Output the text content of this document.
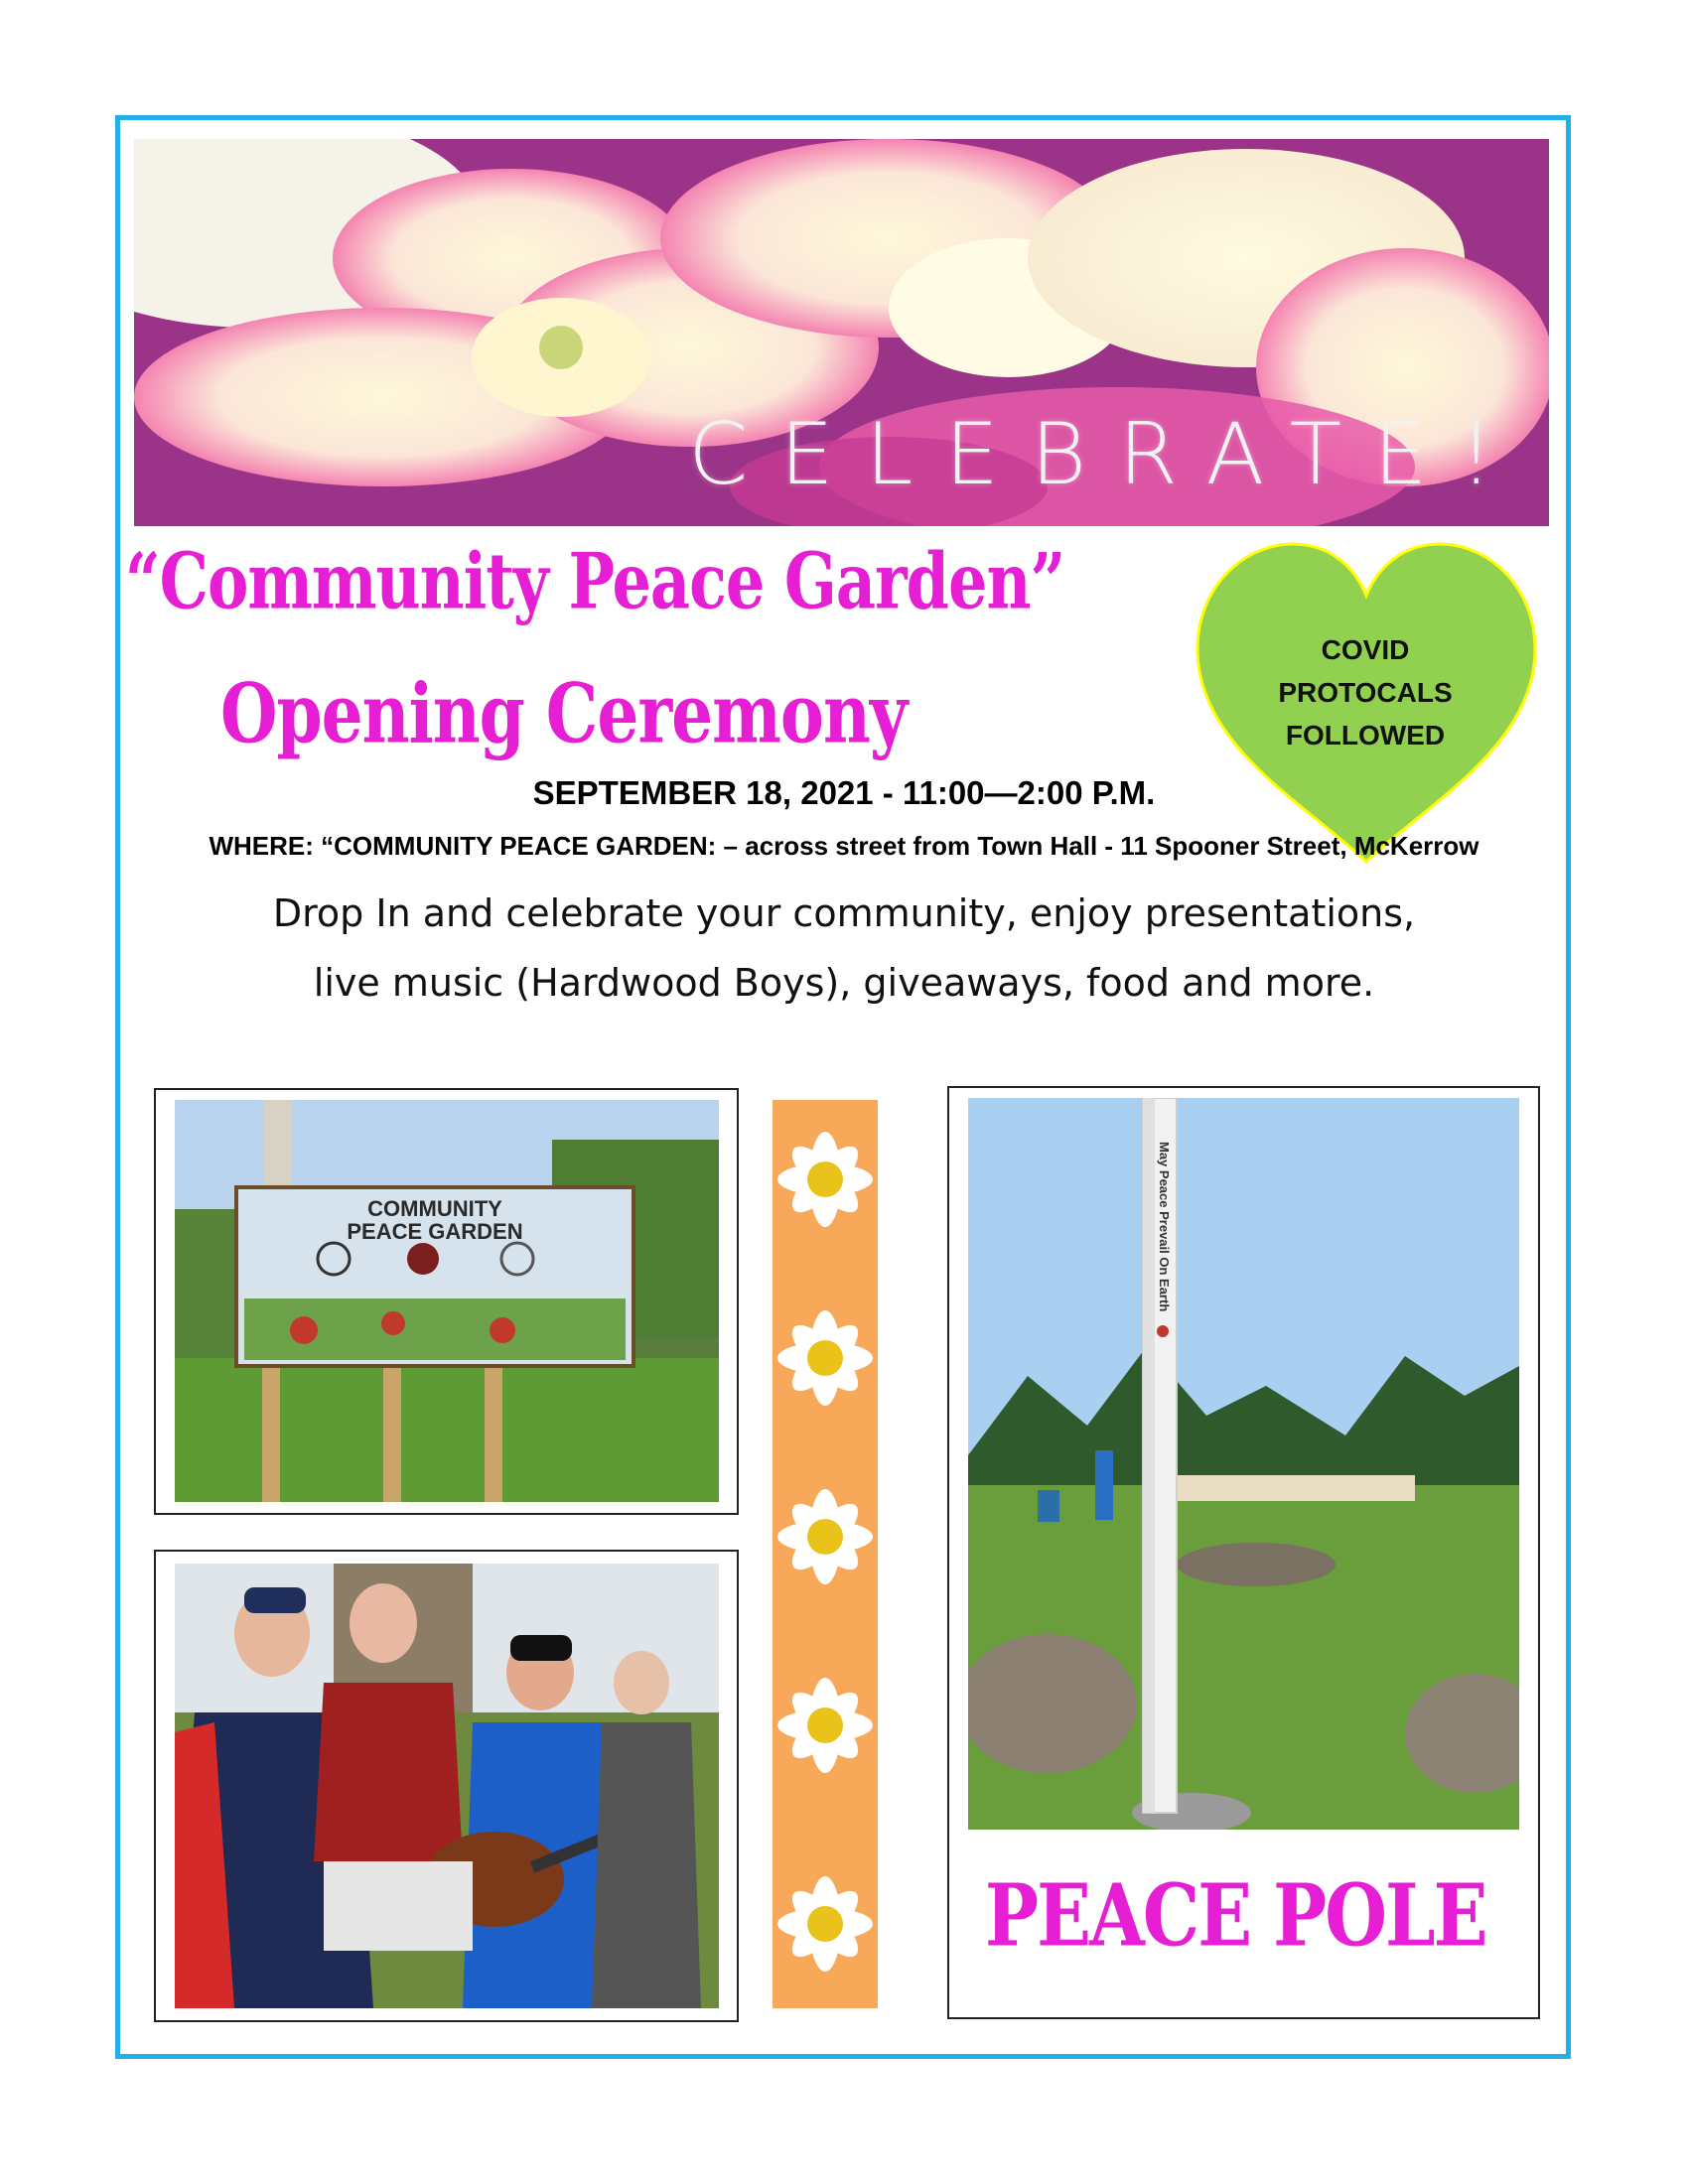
CELEBRATE!
“Community Peace Garden”
Opening Ceremony
COVID
PROTOCALS
FOLLOWED
SEPTEMBER 18, 2021 - 11:00—2:00 P.M.
WHERE: “COMMUNITY PEACE GARDEN: – across street from Town Hall - 11 Spooner Street, McKerrow
Drop In and celebrate your community, enjoy presentations,
live music (Hardwood Boys), giveaways, food and more.
COMMUNITY
PEACE GARDEN	May Peace Prevail On Earth
PEACE POLE
